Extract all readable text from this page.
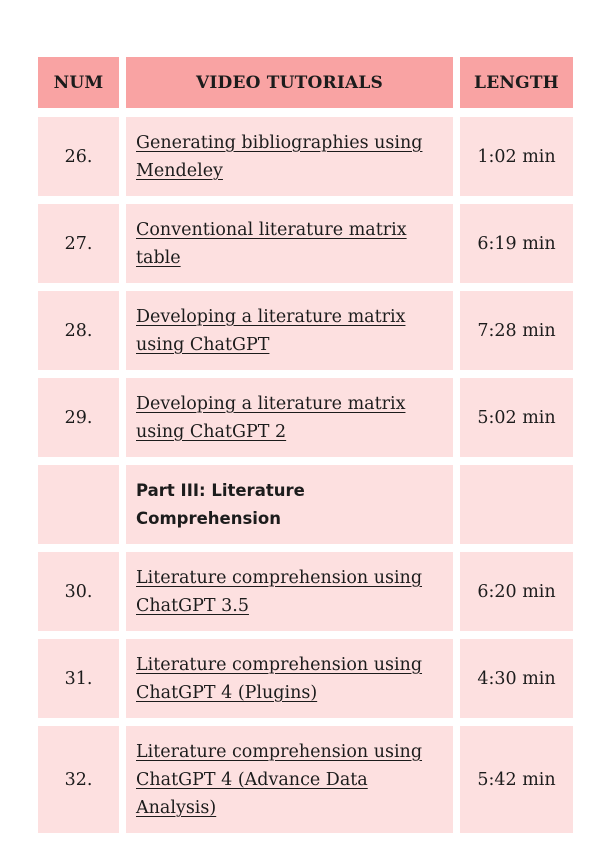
NUM	VIDEO TUTORIALS	LENGTH
26.
Generating bibliographies using Mendeley
1:02 min
27.
Conventional literature matrix table
6:19 min
28.
Developing a literature matrix using ChatGPT
7:28 min
29.
Developing a literature matrix using ChatGPT 2
5:02 min
Part III: Literature Comprehension
30.
Literature comprehension using ChatGPT 3.5
6:20 min
31.
Literature comprehension using ChatGPT 4 (Plugins)
4:30 min
32.
Literature comprehension using ChatGPT 4 (Advance Data Analysis)
5:42 min
